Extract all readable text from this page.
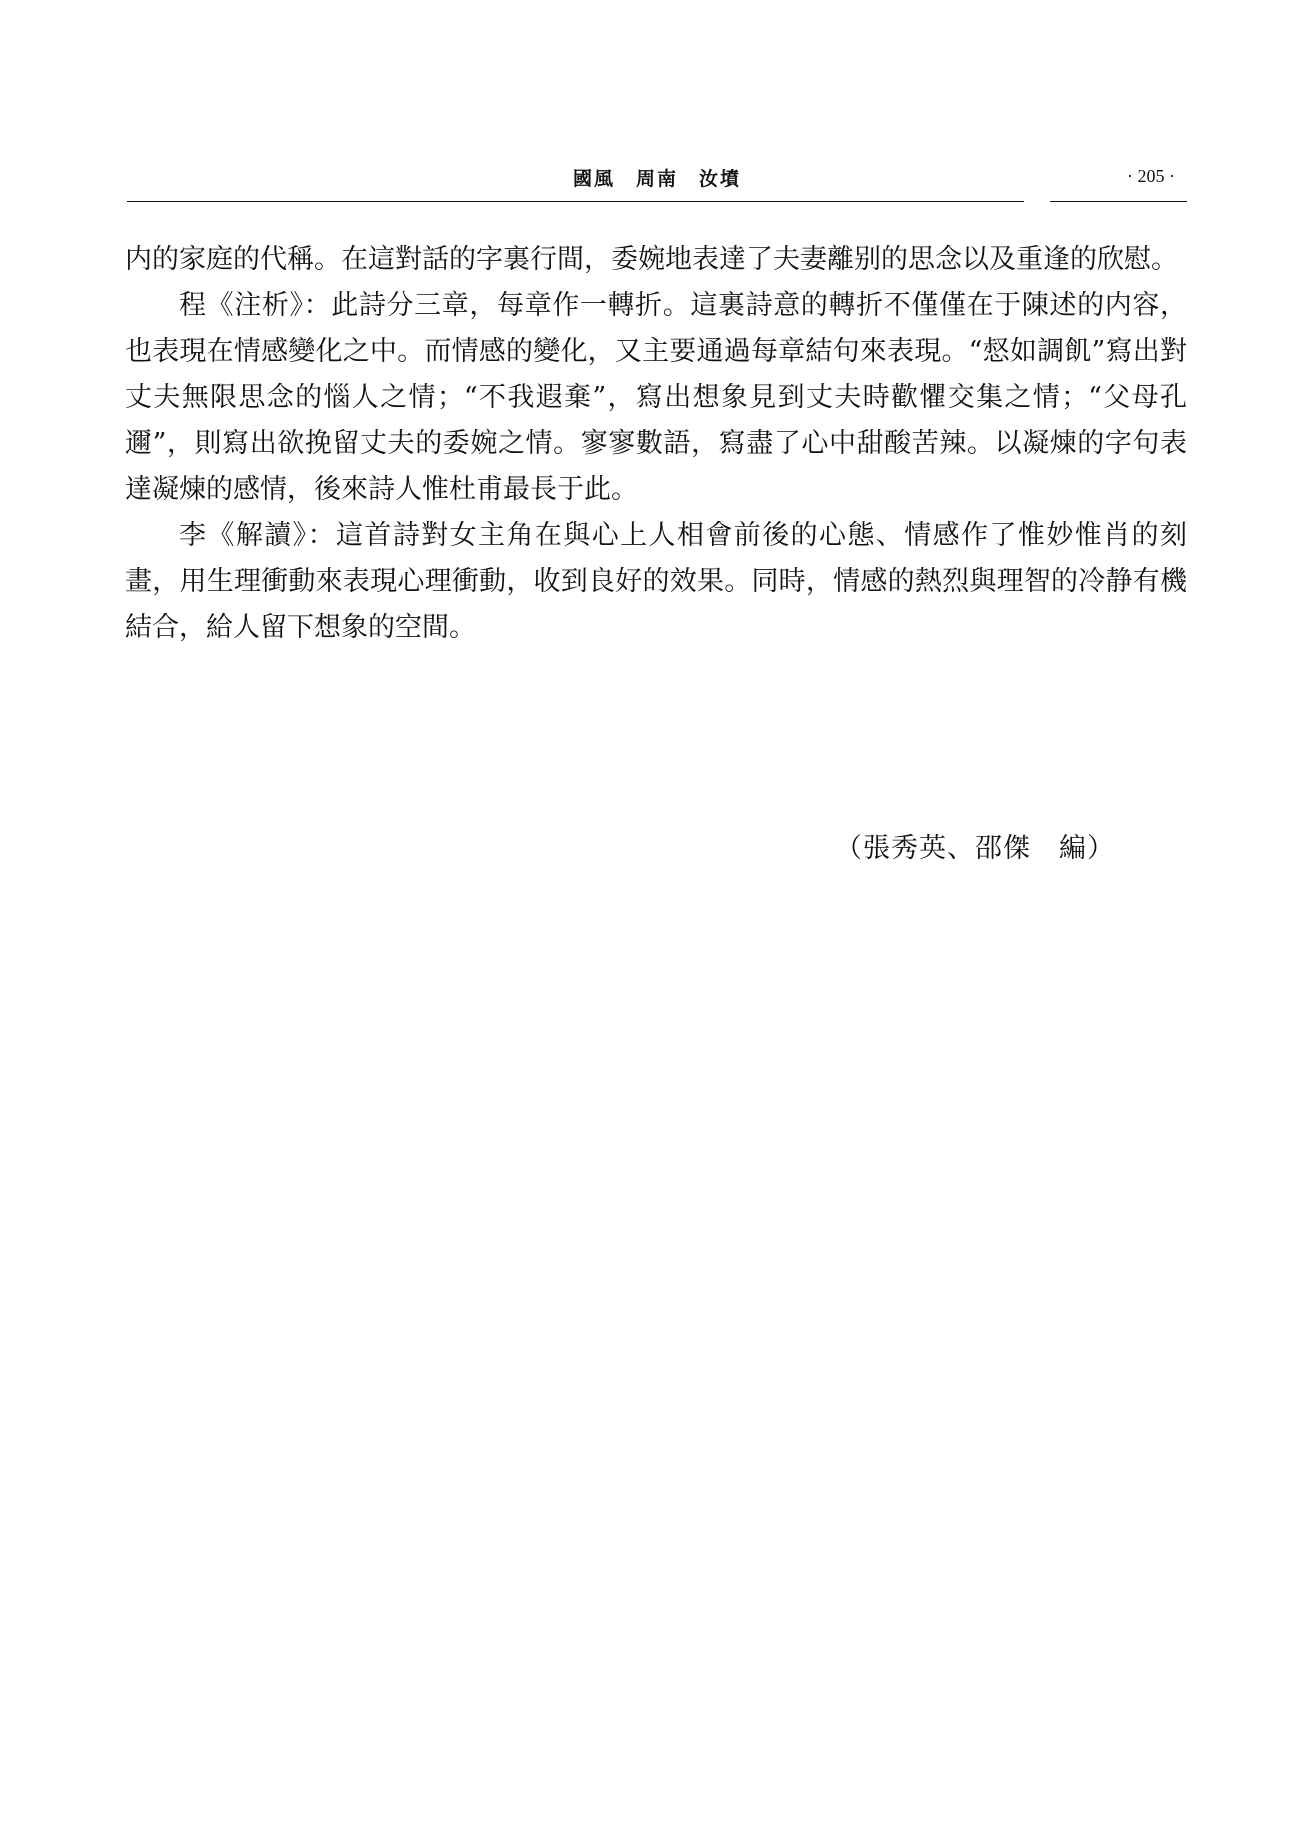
國風　周南　汝墳	· 205 ·

内的家庭的代稱。在這對話的字裏行間，委婉地表達了夫妻離别的思念以及重逢的欣慰。

程《注析》：此詩分三章，每章作一轉折。這裏詩意的轉折不僅僅在于陳述的内容，也表現在情感變化之中。而情感的變化，又主要通過每章結句來表現。“惄如調飢”寫出對丈夫無限思念的惱人之情；“不我遐棄”，寫出想象見到丈夫時歡懼交集之情；“父母孔邇”，則寫出欲挽留丈夫的委婉之情。寥寥數語，寫盡了心中甜酸苦辣。以凝煉的字句表達凝煉的感情，後來詩人惟杜甫最長于此。

李《解讀》：這首詩對女主角在與心上人相會前後的心態、情感作了惟妙惟肖的刻畫，用生理衝動來表現心理衝動，收到良好的效果。同時，情感的熱烈與理智的冷静有機結合，給人留下想象的空間。

（張秀英、邵傑　編）
